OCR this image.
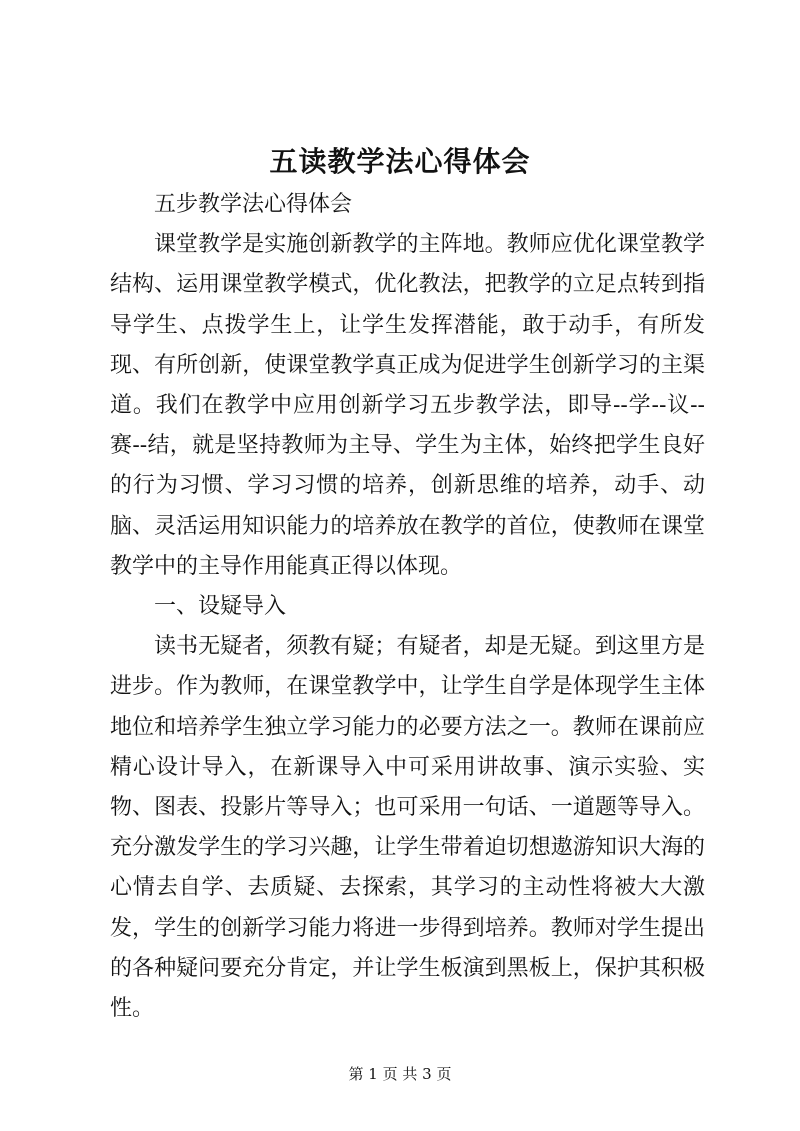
五读教学法心得体会

五步教学法心得体会

课堂教学是实施创新教学的主阵地。教师应优化课堂教学结构、运用课堂教学模式，优化教法，把教学的立足点转到指导学生、点拨学生上，让学生发挥潜能，敢于动手，有所发现、有所创新，使课堂教学真正成为促进学生创新学习的主渠道。我们在教学中应用创新学习五步教学法，即导--学--议--赛--结，就是坚持教师为主导、学生为主体，始终把学生良好的行为习惯、学习习惯的培养，创新思维的培养，动手、动脑、灵活运用知识能力的培养放在教学的首位，使教师在课堂教学中的主导作用能真正得以体现。

一、设疑导入

读书无疑者，须教有疑；有疑者，却是无疑。到这里方是进步。作为教师，在课堂教学中，让学生自学是体现学生主体地位和培养学生独立学习能力的必要方法之一。教师在课前应精心设计导入，在新课导入中可采用讲故事、演示实验、实物、图表、投影片等导入；也可采用一句话、一道题等导入。充分激发学生的学习兴趣，让学生带着迫切想遨游知识大海的心情去自学、去质疑、去探索，其学习的主动性将被大大激发，学生的创新学习能力将进一步得到培养。教师对学生提出的各种疑问要充分肯定，并让学生板演到黑板上，保护其积极性。

第 1 页 共 3 页
